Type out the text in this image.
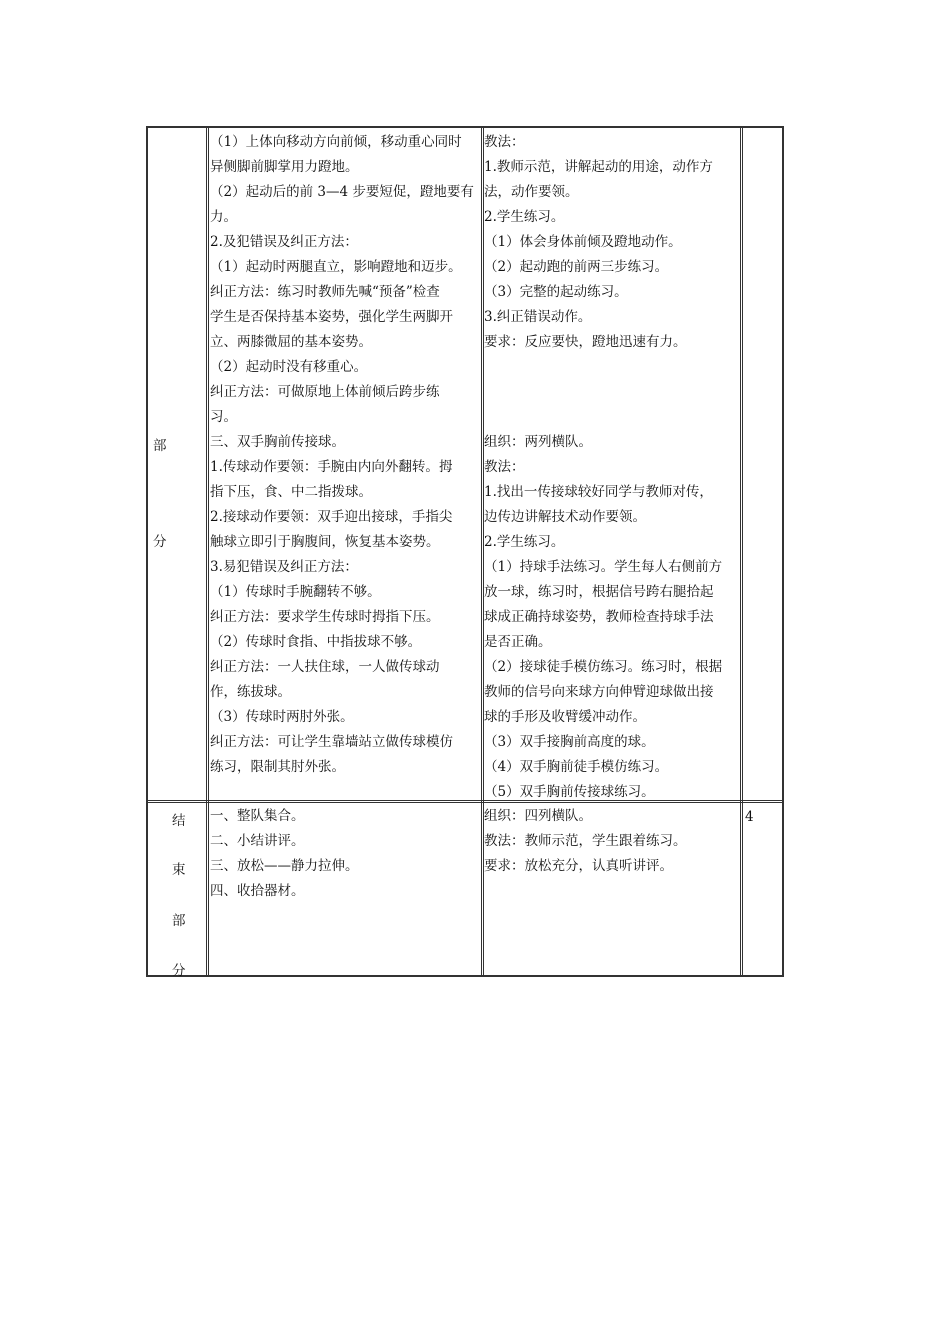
部
分
（1）上体向移动方向前倾，移动重心同时
异侧脚前脚掌用力蹬地。
（2）起动后的前 3—4 步要短促，蹬地要有
力。
2.及犯错误及纠正方法：
（1）起动时两腿直立，影响蹬地和迈步。
纠正方法：练习时教师先喊“预备”检查
学生是否保持基本姿势，强化学生两脚开
立、两膝微屈的基本姿势。
（2）起动时没有移重心。
纠正方法：可做原地上体前倾后跨步练
习。
三、双手胸前传接球。
1.传球动作要领：手腕由内向外翻转。拇
指下压，食、中二指拨球。
2.接球动作要领：双手迎出接球，手指尖
触球立即引于胸腹间，恢复基本姿势。
3.易犯错误及纠正方法：
（1）传球时手腕翻转不够。
纠正方法：要求学生传球时拇指下压。
（2）传球时食指、中指拔球不够。
纠正方法：一人扶住球，一人做传球动
作，练拔球。
（3）传球时两肘外张。
纠正方法：可让学生靠墙站立做传球模仿
练习，限制其肘外张。
教法：
1.教师示范，讲解起动的用途，动作方
法，动作要领。
2.学生练习。
（1）体会身体前倾及蹬地动作。
（2）起动跑的前两三步练习。
（3）完整的起动练习。
3.纠正错误动作。
要求：反应要快，蹬地迅速有力。
组织：两列横队。
教法：
1.找出一传接球较好同学与教师对传，
边传边讲解技术动作要领。
2.学生练习。
（1）持球手法练习。学生每人右侧前方
放一球，练习时，根据信号跨右腿拾起
球成正确持球姿势，教师检查持球手法
是否正确。
（2）接球徒手模仿练习。练习时，根据
教师的信号向来球方向伸臂迎球做出接
球的手形及收臂缓冲动作。
（3）双手接胸前高度的球。
（4）双手胸前徒手模仿练习。
（5）双手胸前传接球练习。
结
束
部
分
一、整队集合。
二、小结讲评。
三、放松——静力拉伸。
四、收拾器材。
组织：四列横队。
教法：教师示范，学生跟着练习。
要求：放松充分，认真听讲评。
4
